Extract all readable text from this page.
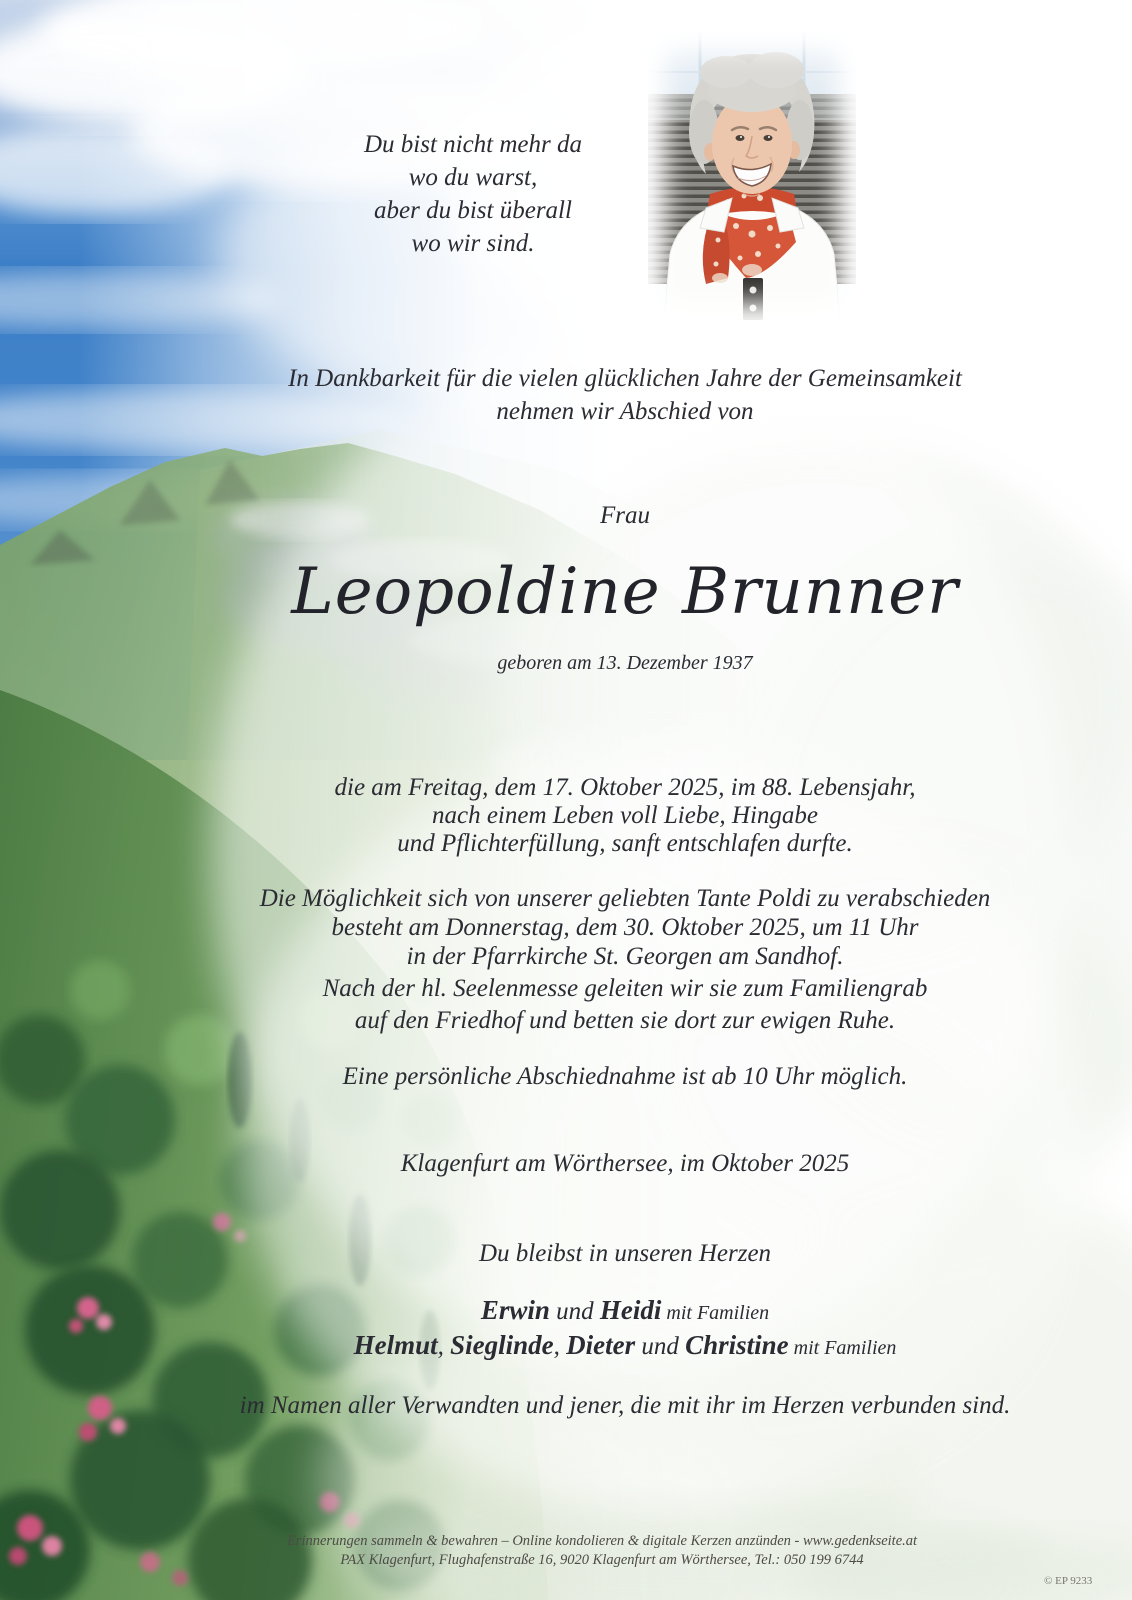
Du bist nicht mehr da
wo du warst,
aber du bist überall
wo wir sind.
In Dankbarkeit für die vielen glücklichen Jahre der Gemeinsamkeit
nehmen wir Abschied von
Frau
Leopoldine Brunner
geboren am 13. Dezember 1937
die am Freitag, dem 17. Oktober 2025, im 88. Lebensjahr,
nach einem Leben voll Liebe, Hingabe
und Pflichterfüllung, sanft entschlafen durfte.
Die Möglichkeit sich von unserer geliebten Tante Poldi zu verabschieden
besteht am Donnerstag, dem 30. Oktober 2025, um 11 Uhr
in der Pfarrkirche St. Georgen am Sandhof.
Nach der hl. Seelenmesse geleiten wir sie zum Familiengrab
auf den Friedhof und betten sie dort zur ewigen Ruhe.
Eine persönliche Abschiednahme ist ab 10 Uhr möglich.
Klagenfurt am Wörthersee, im Oktober 2025
Du bleibst in unseren Herzen
Erwin und Heidi mit Familien
Helmut, Sieglinde, Dieter und Christine mit Familien
im Namen aller Verwandten und jener, die mit ihr im Herzen verbunden sind.
Erinnerungen sammeln & bewahren – Online kondolieren & digitale Kerzen anzünden - www.gedenkseite.at
PAX Klagenfurt, Flughafenstraße 16, 9020 Klagenfurt am Wörthersee, Tel.: 050 199 6744
© EP 9233
